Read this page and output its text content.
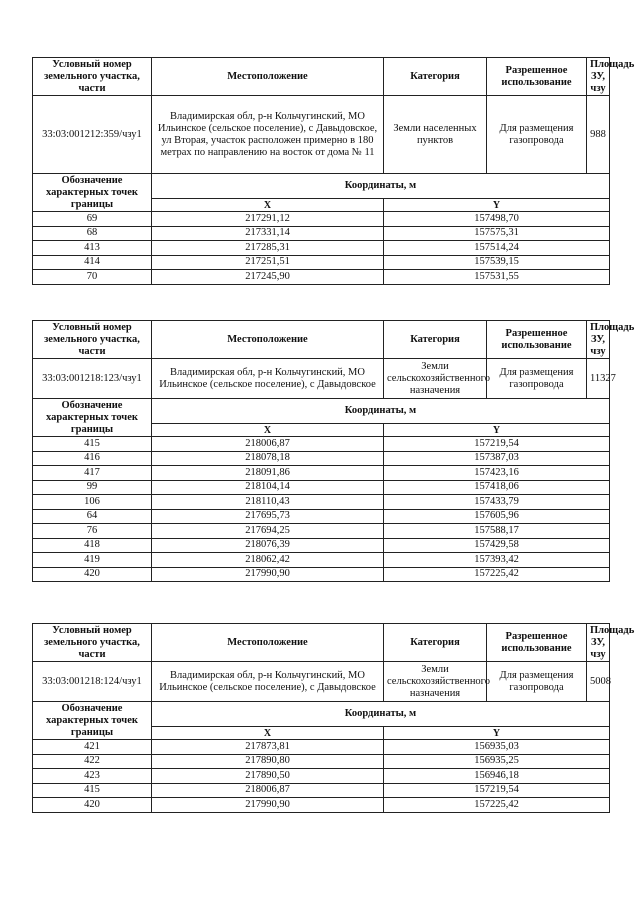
Условный номер земельного участка, части	Местоположение	Категория	Разрешенное использование	Площадь ЗУ, чзу
33:03:001212:359/чзу1	Владимирская обл, р-н Кольчугинский, МО Ильинское (сельское поселение), с Давыдовское, ул Вторая, участок расположен примерно в 180 метрах по направлению на восток от дома № 11	Земли населенных пунктов	Для размещения газопровода	988
Обозначение характерных точек границы	Координаты, м			
	X	Y		
69	217291,12	157498,70		
68	217331,14	157575,31		
413	217285,31	157514,24		
414	217251,51	157539,15		
70	217245,90	157531,55		
Условный номер земельного участка, части	Местоположение	Категория	Разрешенное использование	Площадь ЗУ, чзу
33:03:001218:123/чзу1	Владимирская обл, р-н Кольчугинский, МО Ильинское (сельское поселение), с Давыдовское	Земли сельскохозяйственного назначения	Для размещения газопровода	11327
Обозначение характерных точек границы	Координаты, м			
	X	Y		
415	218006,87	157219,54		
416	218078,18	157387,03		
417	218091,86	157423,16		
99	218104,14	157418,06		
106	218110,43	157433,79		
64	217695,73	157605,96		
76	217694,25	157588,17		
418	218076,39	157429,58		
419	218062,42	157393,42		
420	217990,90	157225,42		
Условный номер земельного участка, части	Местоположение	Категория	Разрешенное использование	Площадь ЗУ, чзу
33:03:001218:124/чзу1	Владимирская обл, р-н Кольчугинский, МО Ильинское (сельское поселение), с Давыдовское	Земли сельскохозяйственного назначения	Для размещения газопровода	5008
Обозначение характерных точек границы	Координаты, м			
	X	Y		
421	217873,81	156935,03		
422	217890,80	156935,25		
423	217890,50	156946,18		
415	218006,87	157219,54		
420	217990,90	157225,42		
